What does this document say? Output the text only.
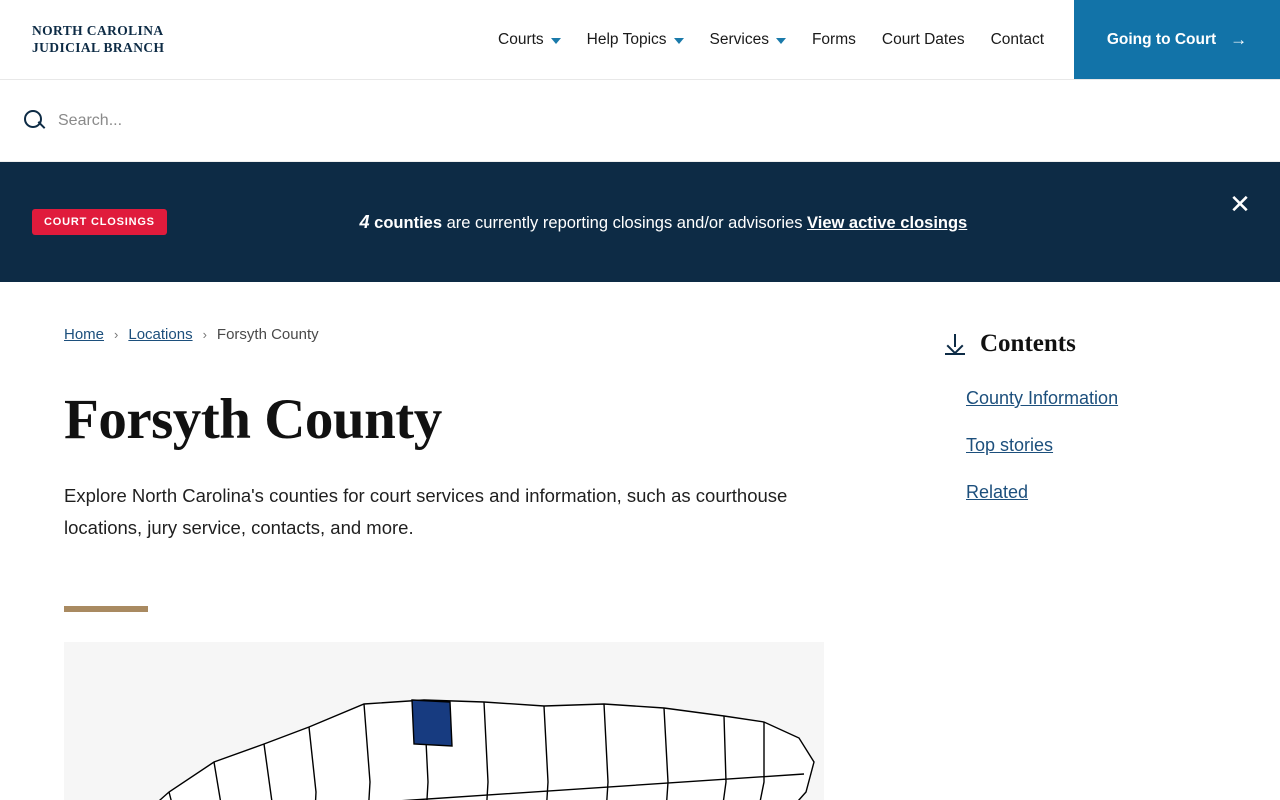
NORTH CAROLINA
JUDICIAL BRANCH	Courts	Help Topics	Services	Forms Court Dates Contact	Going to Court →
Search...
COURT CLOSINGS	4 counties are currently reporting closings and/or advisories View active closings
✕
Home › Locations › Forsyth County
Forsyth County

Explore North Carolina's counties for court services and information, such as courthouse locations, jury service, contacts, and more.

Contents
County Information
Top stories
Related
